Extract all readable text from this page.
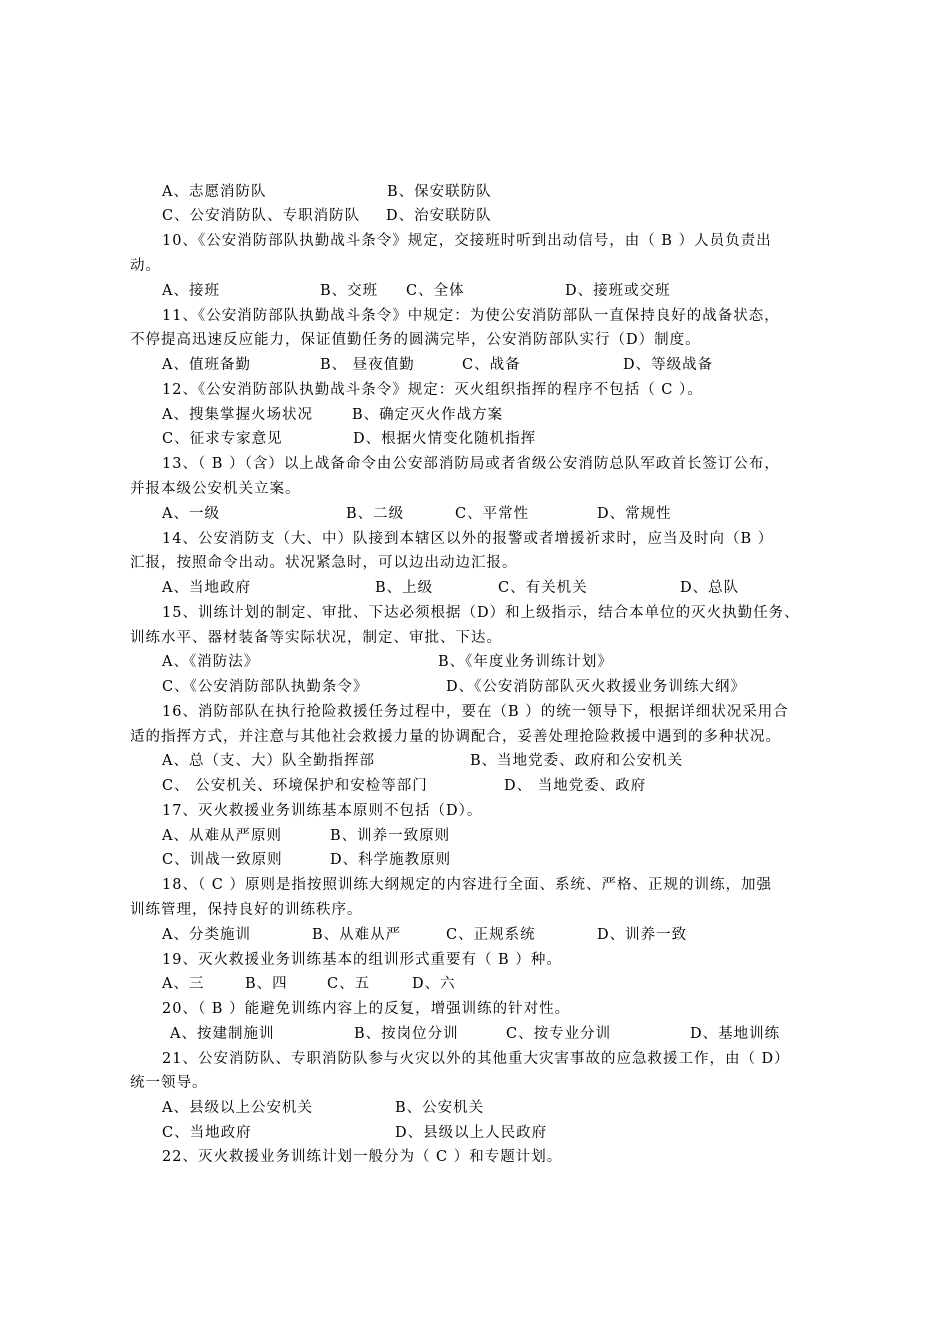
A、志愿消防队	B、保安联防队
C、公安消防队、专职消防队 D、治安联防队
10、《公安消防部队执勤战斗条令》规定，交接班时听到出动信号，由（ B ）人员负责出
动。
A、接班	B、交班 C、全体	D、接班或交班
11、《公安消防部队执勤战斗条令》中规定：为使公安消防部队一直保持良好的战备状态，
不停提高迅速反应能力，保证值勤任务的圆满完毕，公安消防部队实行（D）制度。
A、值班备勤	B、 昼夜值勤	C、战备	D、等级战备
12、《公安消防部队执勤战斗条令》规定：灭火组织指挥的程序不包括（ C ）。
A、搜集掌握火场状况	B、确定灭火作战方案
C、征求专家意见	D、根据火情变化随机指挥
13、（ B ）（含）以上战备命令由公安部消防局或者省级公安消防总队军政首长签订公布，
并报本级公安机关立案。
A、一级	B、二级	C、平常性	D、常规性
14、公安消防支（大、中）队接到本辖区以外的报警或者增援祈求时，应当及时向（B ）
汇报，按照命令出动。状况紧急时，可以边出动边汇报。
A、当地政府	B、上级	C、有关机关	D、总队
15、训练计划的制定、审批、下达必须根据（D）和上级指示，结合本单位的灭火执勤任务、
训练水平、器材装备等实际状况，制定、审批、下达。
A、《消防法》	B、《年度业务训练计划》
C、《公安消防部队执勤条令》	D、《公安消防部队灭火救援业务训练大纲》
16、消防部队在执行抢险救援任务过程中，要在（B ）的统一领导下，根据详细状况采用合
适的指挥方式，并注意与其他社会救援力量的协调配合，妥善处理抢险救援中遇到的多种状况。
A、总（支、大）队全勤指挥部	B、当地党委、政府和公安机关
C、 公安机关、环境保护和安检等部门	D、 当地党委、政府
17、灭火救援业务训练基本原则不包括（D）。
A、从难从严原则	B、训养一致原则
C、训战一致原则	D、科学施教原则
18、（ C ）原则是指按照训练大纲规定的内容进行全面、系统、严格、正规的训练，加强
训练管理，保持良好的训练秩序。
A、分类施训	B、从难从严	C、正规系统	D、训养一致
19、灭火救援业务训练基本的组训形式重要有（ B ）种。
A、三	B、四	C、五	D、六
20、（ B ）能避免训练内容上的反复，增强训练的针对性。
A、按建制施训	B、按岗位分训	C、按专业分训	D、基地训练
21、公安消防队、专职消防队参与火灾以外的其他重大灾害事故的应急救援工作，由（ D）
统一领导。
A、县级以上公安机关	B、公安机关
C、当地政府	D、县级以上人民政府
22、灭火救援业务训练计划一般分为（ C ）和专题计划。
